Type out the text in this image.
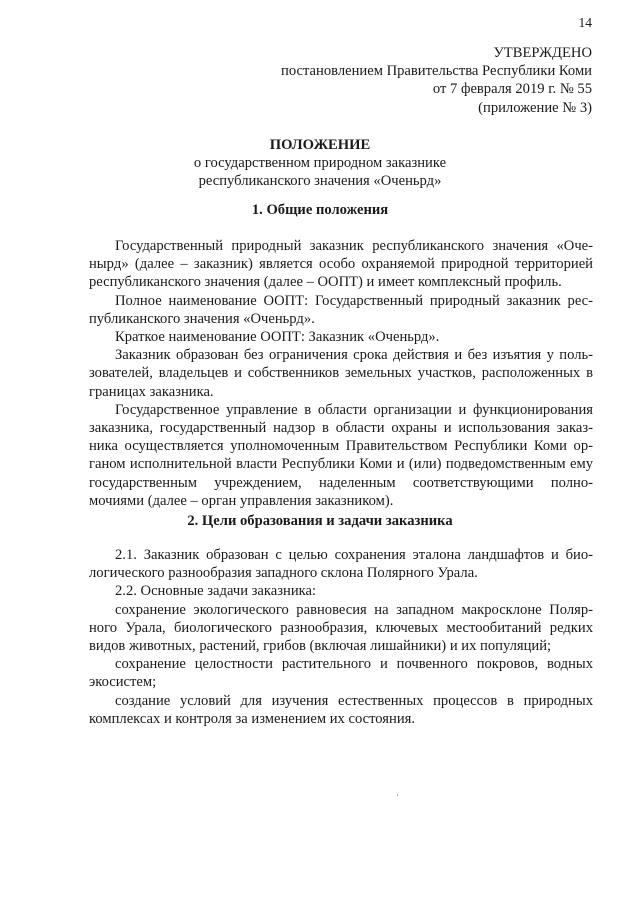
14
УТВЕРЖДЕНО
постановлением Правительства Республики Коми
от 7 февраля 2019 г. № 55
(приложение № 3)
ПОЛОЖЕНИЕ
о государственном природном заказнике
республиканского значения «Оченьрд»
1. Общие положения

Государственный природный заказник республиканского значения «Оче-ныpд» (далее – заказник) является особо охраняемой природной территорией республиканского значения (далее – ООПТ) и имеет комплексный профиль.

Полное наименование ООПТ: Государственный природный заказник рес-публиканского значения «Оченьрд».

Краткое наименование ООПТ: Заказник «Оченьрд».

Заказник образован без ограничения срока действия и без изъятия у поль-зователей, владельцев и собственников земельных участков, расположенных в границах заказника.

Государственное управление в области организации и функционирования заказника, государственный надзор в области охраны и использования заказ-ника осуществляется уполномоченным Правительством Республики Коми ор-ганом исполнительной власти Республики Коми и (или) подведомственным ему государственным учреждением, наделенным соответствующими полно-мочиями (далее – орган управления заказником).

2. Цели образования и задачи заказника

2.1. Заказник образован с целью сохранения эталона ландшафтов и био-логического разнообразия западного склона Полярного Урала.

2.2. Основные задачи заказника:

сохранение экологического равновесия на западном макросклоне Поляр-ного Урала, биологического разнообразия, ключевых местообитаний редких видов животных, растений, грибов (включая лишайники) и их популяций;

сохранение целостности растительного и почвенного покровов, водных экосистем;

создание условий для изучения естественных процессов в природных комплексах и контроля за изменением их состояния.
